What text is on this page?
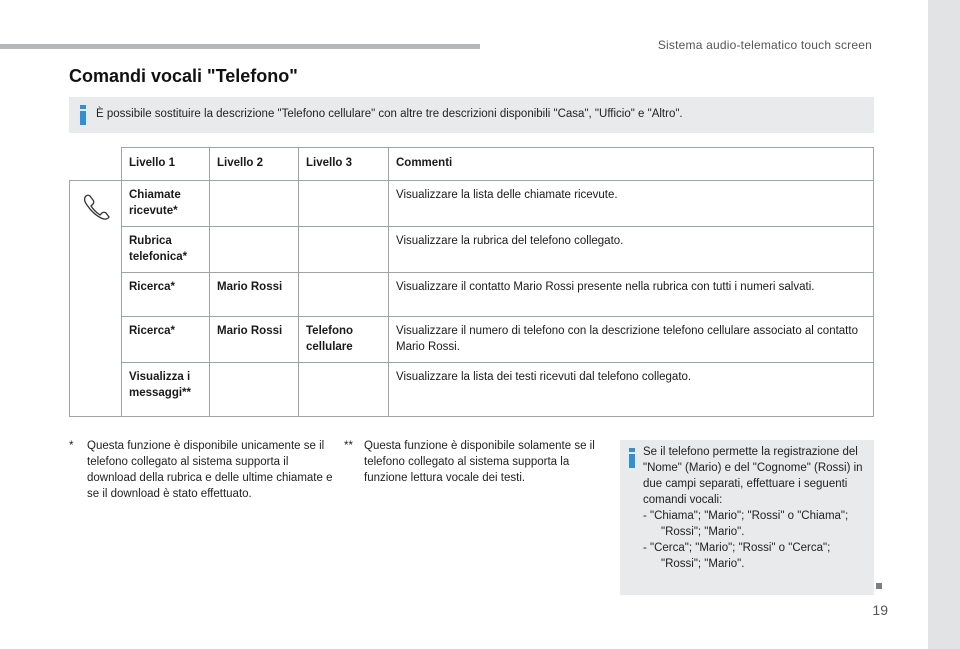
Sistema audio-telematico touch screen
Comandi vocali "Telefono"
È possibile sostituire la descrizione "Telefono cellulare" con altre tre descrizioni disponibili "Casa", "Ufficio" e "Altro".
	Livello 1	Livello 2	Livello 3	Commenti
	Chiamate ricevute*			Visualizzare la lista delle chiamate ricevute.
	Rubrica telefonica*			Visualizzare la rubrica del telefono collegato.
	Ricerca*	Mario Rossi		Visualizzare il contatto Mario Rossi presente nella rubrica con tutti i numeri salvati.
	Ricerca*	Mario Rossi	Telefono cellulare	Visualizzare il numero di telefono con la descrizione telefono cellulare associato al contatto Mario Rossi.
	Visualizza i messaggi**			Visualizzare la lista dei testi ricevuti dal telefono collegato.
* Questa funzione è disponibile unicamente se il telefono collegato al sistema supporta il download della rubrica e delle ultime chiamate e se il download è stato effettuato.
** Questa funzione è disponibile solamente se il telefono collegato al sistema supporta la funzione lettura vocale dei testi.
Se il telefono permette la registrazione del "Nome" (Mario) e del "Cognome" (Rossi) in due campi separati, effettuare i seguenti comandi vocali:
- "Chiama"; "Mario"; "Rossi" o "Chiama"; "Rossi"; "Mario".
- "Cerca"; "Mario"; "Rossi" o "Cerca"; "Rossi"; "Mario".
19
